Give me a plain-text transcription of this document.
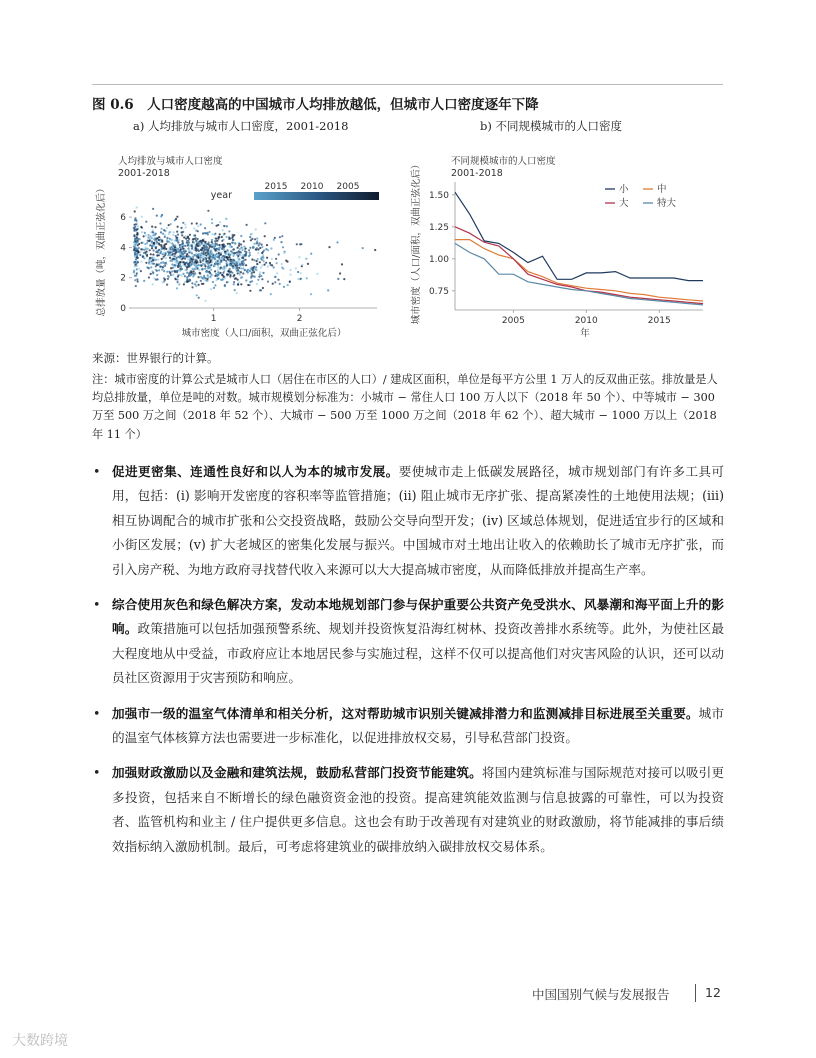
图 0.6　人口密度越高的中国城市人均排放越低，但城市人口密度逐年下降
a) 人均排放与城市人口密度，2001-2018	b) 不同规模城市的人口密度
人均排放与城市人口密度
2001-2018
year
2015 2010 2005
0
2
4
6
1	2
总排放量（吨，双曲正弦化后）
城市密度（人口/面积，双曲正弦化后）
不同规模城市的人口密度
2001-2018
0.75
1.00
1.25
1.50
2005	2010	2015
小	中
大	特大
城市密度（人口/面积，双曲正弦化后）
年
来源：世界银行的计算。
注：城市密度的计算公式是城市人口（居住在市区的人口）/ 建成区面积，单位是每平方公里 1 万人的反双曲正弦。排放量是人均总排放量，单位是吨的对数。城市规模划分标准为：小城市 − 常住人口 100 万人以下（2018 年 50 个）、中等城市 − 300 万至 500 万之间（2018 年 52 个）、大城市 − 500 万至 1000 万之间（2018 年 62 个）、超大城市 − 1000 万以上（2018 年 11 个）
• 促进更密集、连通性良好和以人为本的城市发展。要使城市走上低碳发展路径，城市规划部门有许多工具可用，包括：(i) 影响开发密度的容积率等监管措施；(ii) 阻止城市无序扩张、提高紧凑性的土地使用法规；(iii) 相互协调配合的城市扩张和公交投资战略，鼓励公交导向型开发；(iv) 区域总体规划，促进适宜步行的区域和小街区发展；(v) 扩大老城区的密集化发展与振兴。中国城市对土地出让收入的依赖助长了城市无序扩张，而引入房产税、为地方政府寻找替代收入来源可以大大提高城市密度，从而降低排放并提高生产率。
• 综合使用灰色和绿色解决方案，发动本地规划部门参与保护重要公共资产免受洪水、风暴潮和海平面上升的影响。政策措施可以包括加强预警系统、规划并投资恢复沿海红树林、投资改善排水系统等。此外，为使社区最大程度地从中受益，市政府应让本地居民参与实施过程，这样不仅可以提高他们对灾害风险的认识，还可以动员社区资源用于灾害预防和响应。
• 加强市一级的温室气体清单和相关分析，这对帮助城市识别关键减排潜力和监测减排目标进展至关重要。城市的温室气体核算方法也需要进一步标准化，以促进排放权交易，引导私营部门投资。
• 加强财政激励以及金融和建筑法规，鼓励私营部门投资节能建筑。将国内建筑标准与国际规范对接可以吸引更多投资，包括来自不断增长的绿色融资资金池的投资。提高建筑能效监测与信息披露的可靠性，可以为投资者、监管机构和业主 / 住户提供更多信息。这也会有助于改善现有对建筑业的财政激励，将节能减排的事后绩效指标纳入激励机制。最后，可考虑将建筑业的碳排放纳入碳排放权交易体系。
中国国别气候与发展报告	12
大数跨境
